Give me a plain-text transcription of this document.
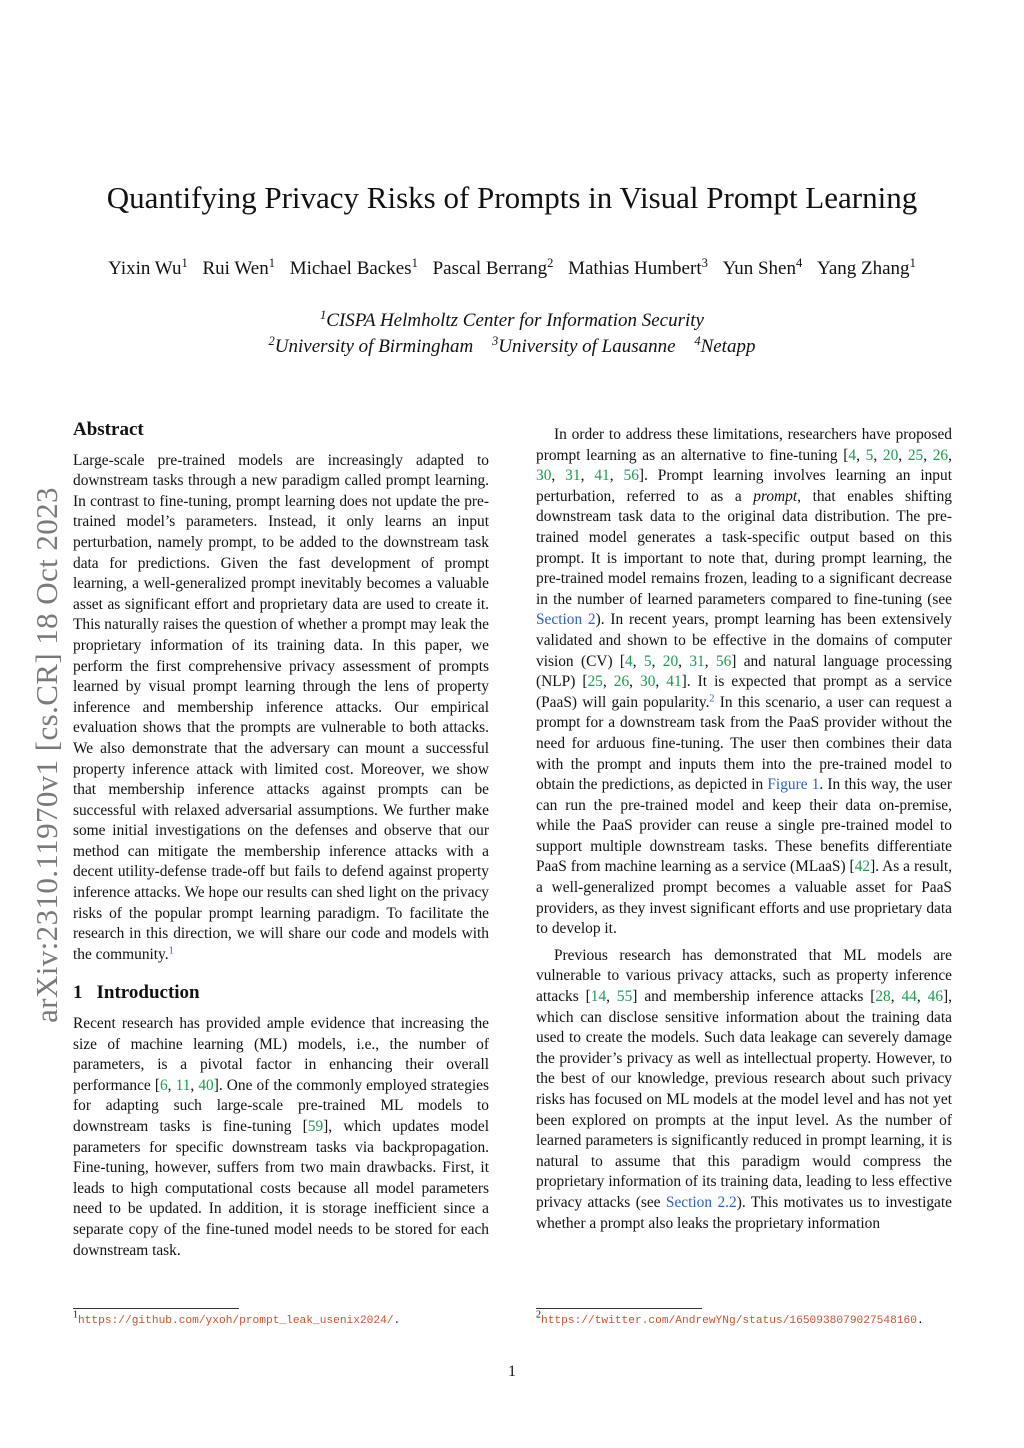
arXiv:2310.11970v1 [cs.CR] 18 Oct 2023
Quantifying Privacy Risks of Prompts in Visual Prompt Learning
Yixin Wu$^1$ Rui Wen$^1$ Michael Backes$^1$ Pascal Berrang$^2$ Mathias Humbert$^3$ Yun Shen$^4$ Yang Zhang$^1$
$^1$CISPA Helmholtz Center for Information Security
$^2$University of Birmingham $^3$University of Lausanne $^4$Netapp
Abstract

Large-scale pre-trained models are increasingly adapted to downstream tasks through a new paradigm called prompt learning. In contrast to fine-tuning, prompt learning does not update the pre-trained model’s parameters. Instead, it only learns an input perturbation, namely prompt, to be added to the downstream task data for predictions. Given the fast development of prompt learning, a well-generalized prompt inevitably becomes a valuable asset as significant effort and proprietary data are used to create it. This naturally raises the question of whether a prompt may leak the proprietary information of its training data. In this paper, we perform the first comprehensive privacy assessment of prompts learned by visual prompt learning through the lens of property inference and membership inference attacks. Our empirical evaluation shows that the prompts are vulnerable to both attacks. We also demonstrate that the adversary can mount a successful property inference attack with limited cost. Moreover, we show that membership inference attacks against prompts can be successful with relaxed adversarial assumptions. We further make some initial investigations on the defenses and observe that our method can mitigate the membership inference attacks with a decent utility-defense trade-off but fails to defend against property inference attacks. We hope our results can shed light on the privacy risks of the popular prompt learning paradigm. To facilitate the research in this direction, we will share our code and models with the community.$^1$

1 Introduction

Recent research has provided ample evidence that increasing the size of machine learning (ML) models, i.e., the number of parameters, is a pivotal factor in enhancing their overall performance [6, 11, 40]. One of the commonly employed strategies for adapting such large-scale pre-trained ML models to downstream tasks is fine-tuning [59], which updates model parameters for specific downstream tasks via backpropagation. Fine-tuning, however, suffers from two main drawbacks. First, it leads to high computational costs because all model parameters need to be updated. In addition, it is storage inefficient since a separate copy of the fine-tuned model needs to be stored for each downstream task.

In order to address these limitations, researchers have proposed prompt learning as an alternative to fine-tuning [4, 5, 20, 25, 26, 30, 31, 41, 56]. Prompt learning involves learning an input perturbation, referred to as a prompt, that enables shifting downstream task data to the original data distribution. The pre-trained model generates a task-specific output based on this prompt. It is important to note that, during prompt learning, the pre-trained model remains frozen, leading to a significant decrease in the number of learned parameters compared to fine-tuning (see Section 2). In recent years, prompt learning has been extensively validated and shown to be effective in the domains of computer vision (CV) [4, 5, 20, 31, 56] and natural language processing (NLP) [25, 26, 30, 41]. It is expected that prompt as a service (PaaS) will gain popularity.$^2$ In this scenario, a user can request a prompt for a downstream task from the PaaS provider without the need for arduous fine-tuning. The user then combines their data with the prompt and inputs them into the pre-trained model to obtain the predictions, as depicted in Figure 1. In this way, the user can run the pre-trained model and keep their data on-premise, while the PaaS provider can reuse a single pre-trained model to support multiple downstream tasks. These benefits differentiate PaaS from machine learning as a service (MLaaS) [42]. As a result, a well-generalized prompt becomes a valuable asset for PaaS providers, as they invest significant efforts and use proprietary data to develop it.

Previous research has demonstrated that ML models are vulnerable to various privacy attacks, such as property inference attacks [14, 55] and membership inference attacks [28, 44, 46], which can disclose sensitive information about the training data used to create the models. Such data leakage can severely damage the provider’s privacy as well as intellectual property. However, to the best of our knowledge, previous research about such privacy risks has focused on ML models at the model level and has not yet been explored on prompts at the input level. As the number of learned parameters is significantly reduced in prompt learning, it is natural to assume that this paradigm would compress the proprietary information of its training data, leading to less effective privacy attacks (see Section 2.2). This motivates us to investigate whether a prompt also leaks the proprietary information

$^1$https://github.com/yxoh/prompt_leak_usenix2024/.	$^2$https://twitter.com/AndrewYNg/status/1650938079027548160.
1
